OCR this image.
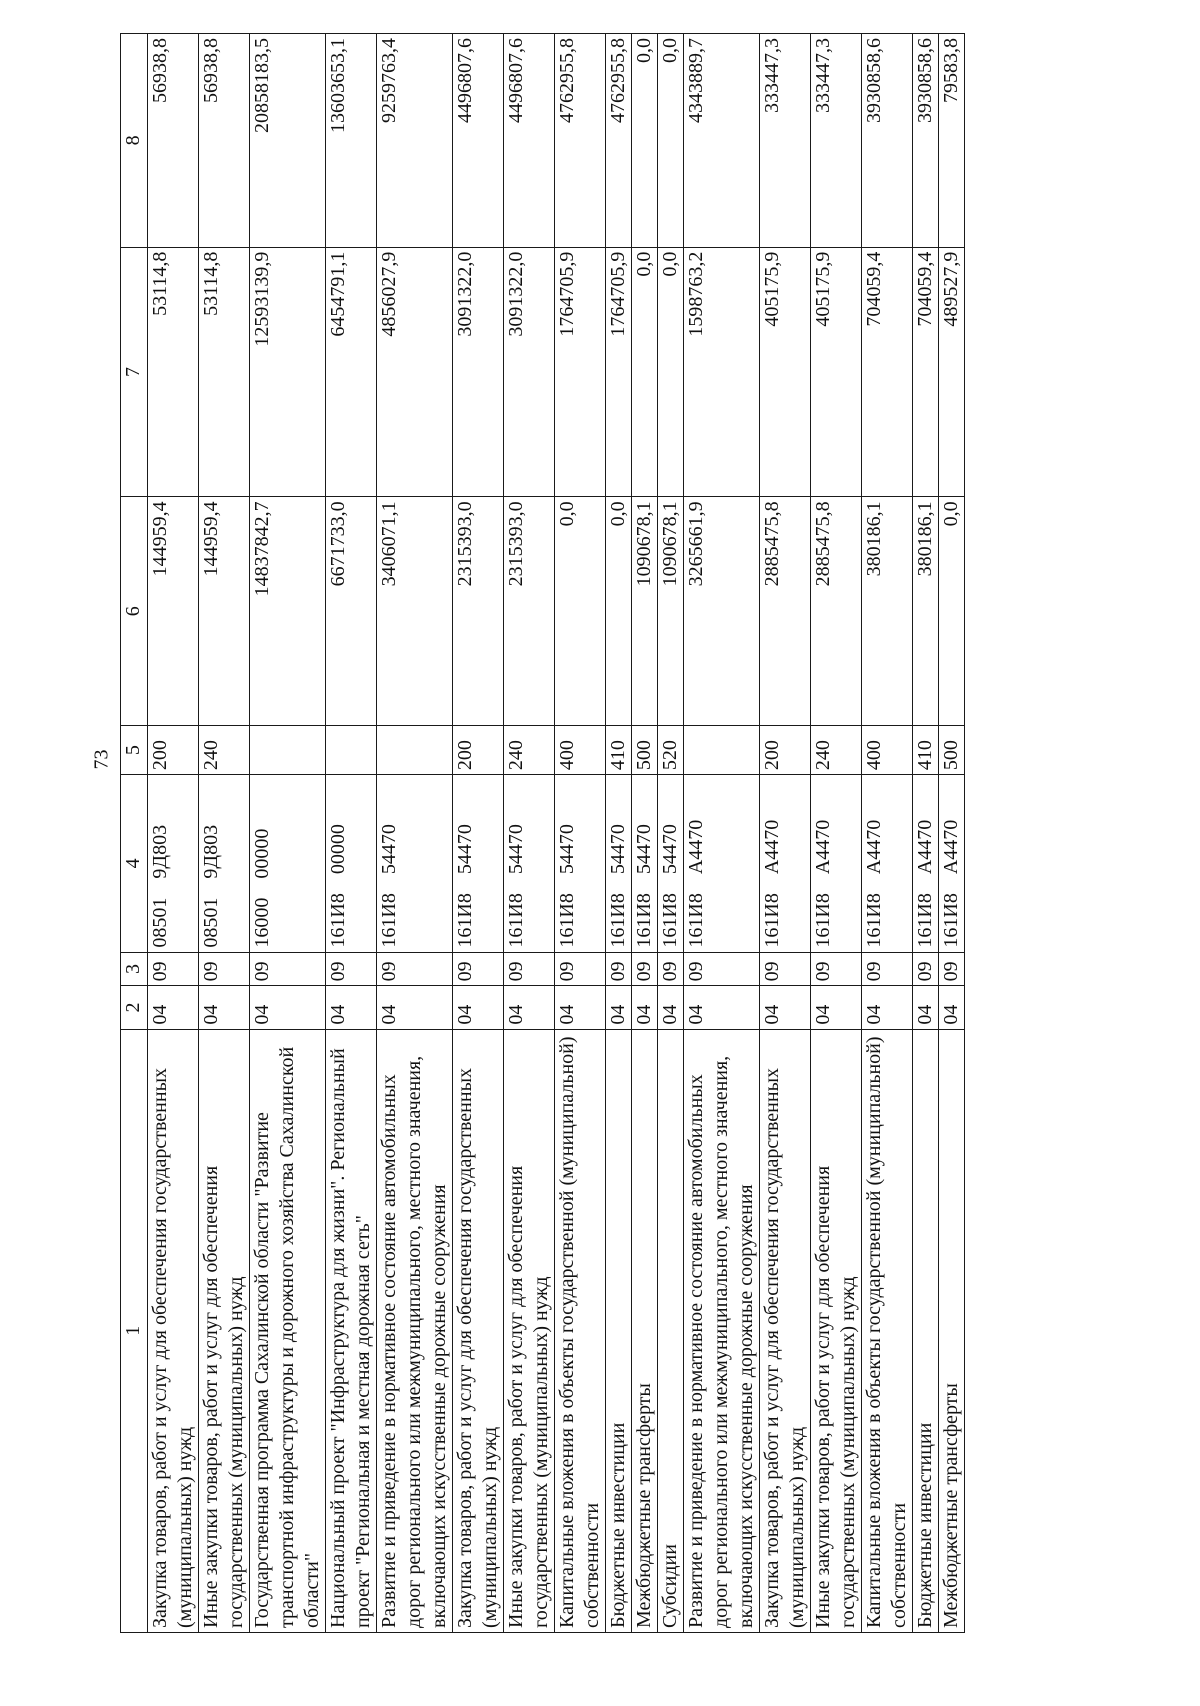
73
1	2	3	4	5	6	7	8
Закупка товаров, работ и услуг для обеспечения государственных (муниципальных) нужд	04	09	08501 9Д803	200	144959,4	53114,8	56938,8
Иные закупки товаров, работ и услуг для обеспечения государственных (муниципальных) нужд	04	09	08501 9Д803	240	144959,4	53114,8	56938,8
Государственная программа Сахалинской области "Развитие транспортной инфраструктуры и дорожного хозяйства Сахалинской области"	04	09	16000 00000		14837842,7	12593139,9	20858183,5
Национальный проект "Инфраструктура для жизни". Региональный проект "Региональная и местная дорожная сеть"	04	09	161И8 00000		6671733,0	6454791,1	13603653,1
Развитие и приведение в нормативное состояние автомобильных дорог регионального или межмуниципального, местного значения, включающих искусственные дорожные сооружения	04	09	161И8 54470		3406071,1	4856027,9	9259763,4
Закупка товаров, работ и услуг для обеспечения государственных (муниципальных) нужд	04	09	161И8 54470	200	2315393,0	3091322,0	4496807,6
Иные закупки товаров, работ и услуг для обеспечения государственных (муниципальных) нужд	04	09	161И8 54470	240	2315393,0	3091322,0	4496807,6
Капитальные вложения в объекты государственной (муниципальной) собственности	04	09	161И8 54470	400	0,0	1764705,9	4762955,8
Бюджетные инвестиции	04	09	161И8 54470	410	0,0	1764705,9	4762955,8
Межбюджетные трансферты	04	09	161И8 54470	500	1090678,1	0,0	0,0
Субсидии	04	09	161И8 54470	520	1090678,1	0,0	0,0
Развитие и приведение в нормативное состояние автомобильных дорог регионального или межмуниципального, местного значения, включающих искусственные дорожные сооружения	04	09	161И8 А4470		3265661,9	1598763,2	4343889,7
Закупка товаров, работ и услуг для обеспечения государственных (муниципальных) нужд	04	09	161И8 А4470	200	2885475,8	405175,9	333447,3
Иные закупки товаров, работ и услуг для обеспечения государственных (муниципальных) нужд	04	09	161И8 А4470	240	2885475,8	405175,9	333447,3
Капитальные вложения в объекты государственной (муниципальной) собственности	04	09	161И8 А4470	400	380186,1	704059,4	3930858,6
Бюджетные инвестиции	04	09	161И8 А4470	410	380186,1	704059,4	3930858,6
Межбюджетные трансферты	04	09	161И8 А4470	500	0,0	489527,9	79583,8
